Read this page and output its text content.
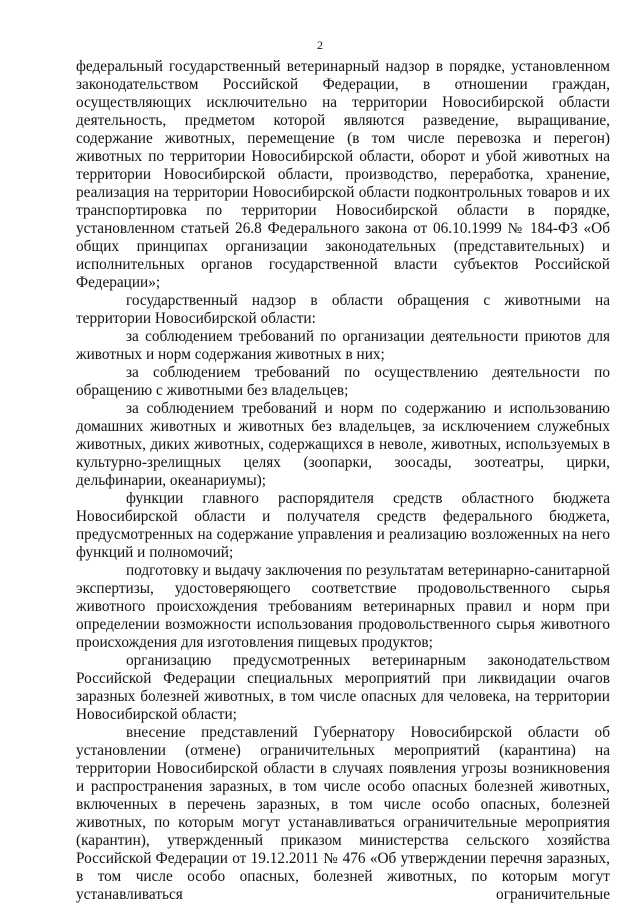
2

федеральный государственный ветеринарный надзор в порядке, установленном законодательством Российской Федерации, в отношении граждан, осуществляющих исключительно на территории Новосибирской области деятельность, предметом которой являются разведение, выращивание, содержание животных, перемещение (в том числе перевозка и перегон) животных по территории Новосибирской области, оборот и убой животных на территории Новосибирской области, производство, переработка, хранение, реализация на территории Новосибирской области подконтрольных товаров и их транспортировка по территории Новосибирской области в порядке, установленном статьей 26.8 Федерального закона от 06.10.1999 № 184-ФЗ «Об общих принципах организации законодательных (представительных) и исполнительных органов государственной власти субъектов Российской Федерации»;

государственный надзор в области обращения с животными на территории Новосибирской области:

за соблюдением требований по организации деятельности приютов для животных и норм содержания животных в них;

за соблюдением требований по осуществлению деятельности по обращению с животными без владельцев;

за соблюдением требований и норм по содержанию и использованию домашних животных и животных без владельцев, за исключением служебных животных, диких животных, содержащихся в неволе, животных, используемых в культурно-зрелищных целях (зоопарки, зоосады, зоотеатры, цирки, дельфинарии, океанариумы);

функции главного распорядителя средств областного бюджета Новосибирской области и получателя средств федерального бюджета, предусмотренных на содержание управления и реализацию возложенных на него функций и полномочий;

подготовку и выдачу заключения по результатам ветеринарно-санитарной экспертизы, удостоверяющего соответствие продовольственного сырья животного происхождения требованиям ветеринарных правил и норм при определении возможности использования продовольственного сырья животного происхождения для изготовления пищевых продуктов;

организацию предусмотренных ветеринарным законодательством Российской Федерации специальных мероприятий при ликвидации очагов заразных болезней животных, в том числе опасных для человека, на территории Новосибирской области;

внесение представлений Губернатору Новосибирской области об установлении (отмене) ограничительных мероприятий (карантина) на территории Новосибирской области в случаях появления угрозы возникновения и распространения заразных, в том числе особо опасных болезней животных, включенных в перечень заразных, в том числе особо опасных, болезней животных, по которым могут устанавливаться ограничительные мероприятия (карантин), утвержденный приказом министерства сельского хозяйства Российской Федерации от 19.12.2011 № 476 «Об утверждении перечня заразных, в том числе особо опасных, болезней животных, по которым могут устанавливаться ограничительные
